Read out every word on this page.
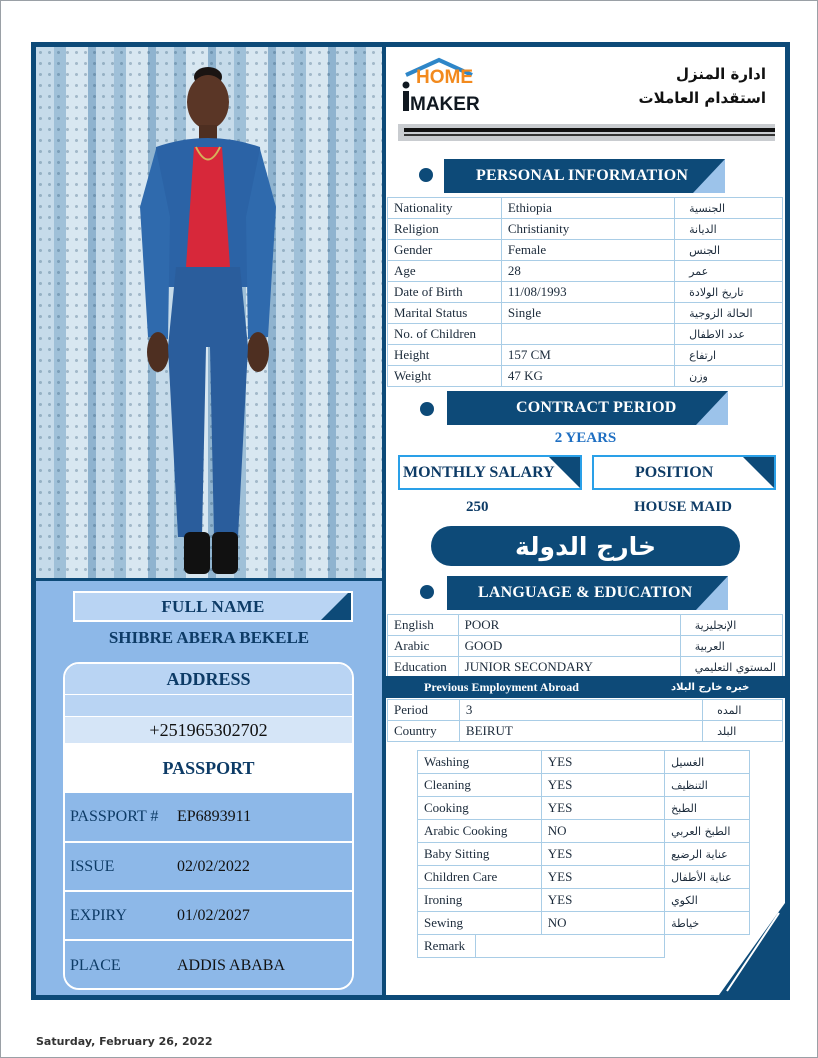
FULL NAME
SHIBRE ABERA BEKELE
ADDRESS
+251965302702
PASSPORT
PASSPORT #	EP6893911
ISSUE	02/02/2022
EXPIRY	01/02/2027
PLACE	ADDIS ABABA
HOME
MAKER
ادارة المنزل
استقدام العاملات
PERSONAL INFORMATION
Nationality	Ethiopia	الجنسية
Religion	Christianity	الديانة
Gender	Female	الجنس
Age	28	عمر
Date of Birth	11/08/1993	تاريخ الولادة
Marital Status	Single	الحالة الزوجية
No. of Children		عدد الاطفال
Height	157 CM	ارتفاع
Weight	47 KG	وزن
CONTRACT PERIOD
2 YEARS
MONTHLY SALARY	POSITION
250	HOUSE MAID
خارج الدولة
LANGUAGE & EDUCATION
English	POOR	الإنجليزية
Arabic	GOOD	العربية
Education	JUNIOR SECONDARY	المستوي التعليمي
Previous Employment Abroad	خبره خارج البلاد
Period	3	المده
Country	BEIRUT	البلد
Washing		YES	الغسيل
Cleaning		YES	التنظيف
Cooking		YES	الطبخ
Arabic Cooking		NO	الطبخ العربي
Baby Sitting		YES	عناية الرضيع
Children Care		YES	عناية الأطفال
Ironing		YES	الكوي
Sewing		NO	خياطة
Remark			
Saturday, February 26, 2022
